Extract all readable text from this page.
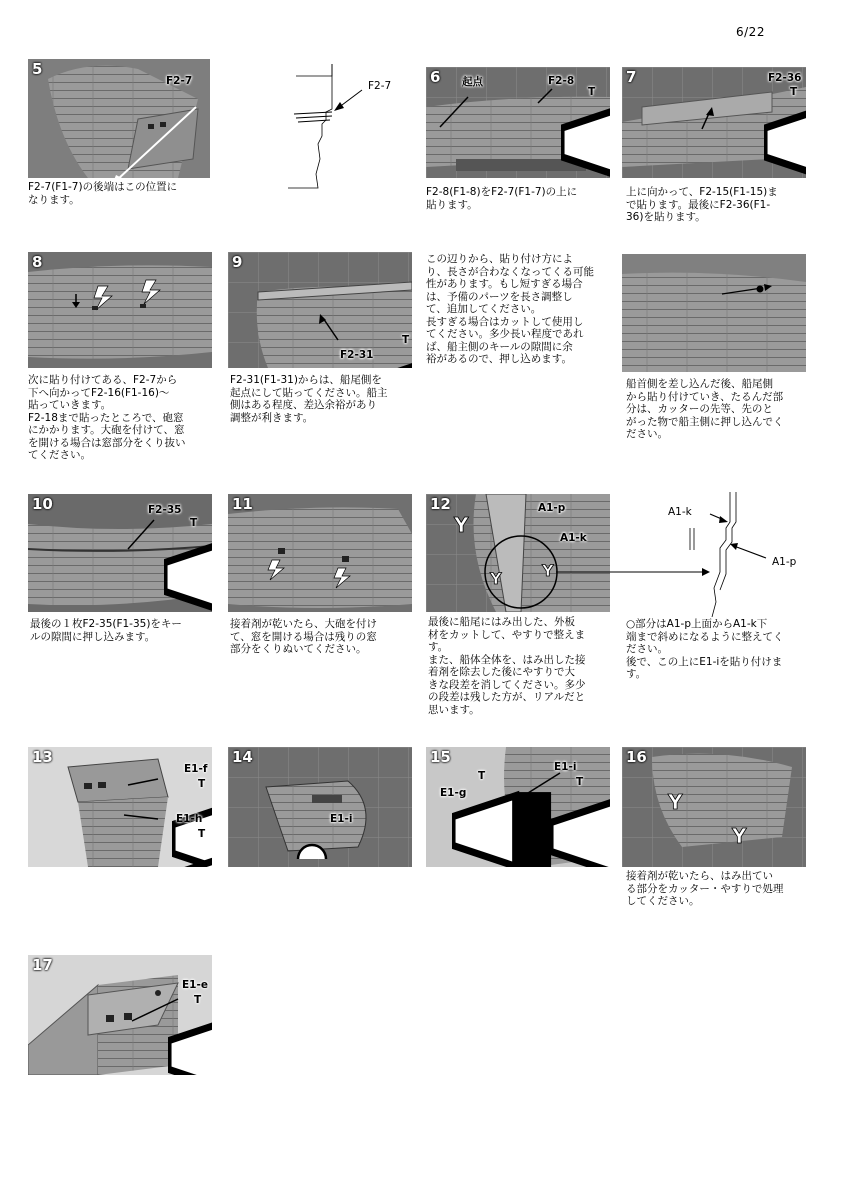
6/22
5
F2-7
F2-7(F1-7)の後端はこの位置に
なります。
F2-7	6 起点	F2-8
T
F2-8(F1-8)をF2-7(F1-7)の上に
貼ります。
7	F2-36
T
上に向かって、F2-15(F1-15)ま
で貼ります。最後にF2-36(F1-
36)を貼ります。
8
次に貼り付けてある、F2-7から
下へ向かってF2-16(F1-16)～
貼っていきます。
F2-18まで貼ったところで、砲窓
にかかります。大砲を付けて、窓
を開ける場合は窓部分をくり抜い
てください。
9
F2-31
T
F2-31(F1-31)からは、船尾側を
起点にして貼ってください。船主
側はある程度、差込余裕があり
調整が利きます。
この辺りから、貼り付け方によ
り、長さが合わなくなってくる可能
性があります。もし短すぎる場合
は、予備のパーツを長さ調整し
て、追加してください。
長すぎる場合はカットして使用し
てください。多少長い程度であれ
ば、船主側のキールの隙間に余
裕があるので、押し込めます。
船首側を差し込んだ後、船尾側
から貼り付けていき、たるんだ部
分は、カッターの先等、先のと
がった物で船主側に押し込んでく
ださい。
10	F2-35
T
最後の１枚F2-35(F1-35)をキー
ルの隙間に押し込みます。
11
接着剤が乾いたら、大砲を付け
て、窓を開ける場合は残りの窓
部分をくりぬいてください。
Y
Y	Y
12	A1-p
A1-k
最後に船尾にはみ出した、外板
材をカットして、やすりで整えま
す。
また、船体全体を、はみ出した接
着剤を除去した後にやすりで大
きな段差を消してください。多少
の段差は残した方が、リアルだと
思います。
A1-k
A1-p
○部分はA1-p上面からA1-k下
端まで斜めになるように整えてく
ださい。
後で、この上にE1-iを貼り付けま
す。
13
E1-f
T
E1-h
T
14
E1-i
15
T
E1-g
E1-i
T
Y
Y
16
接着剤が乾いたら、はみ出てい
る部分をカッター・やすりで処理
してください。
17
E1-e
T
